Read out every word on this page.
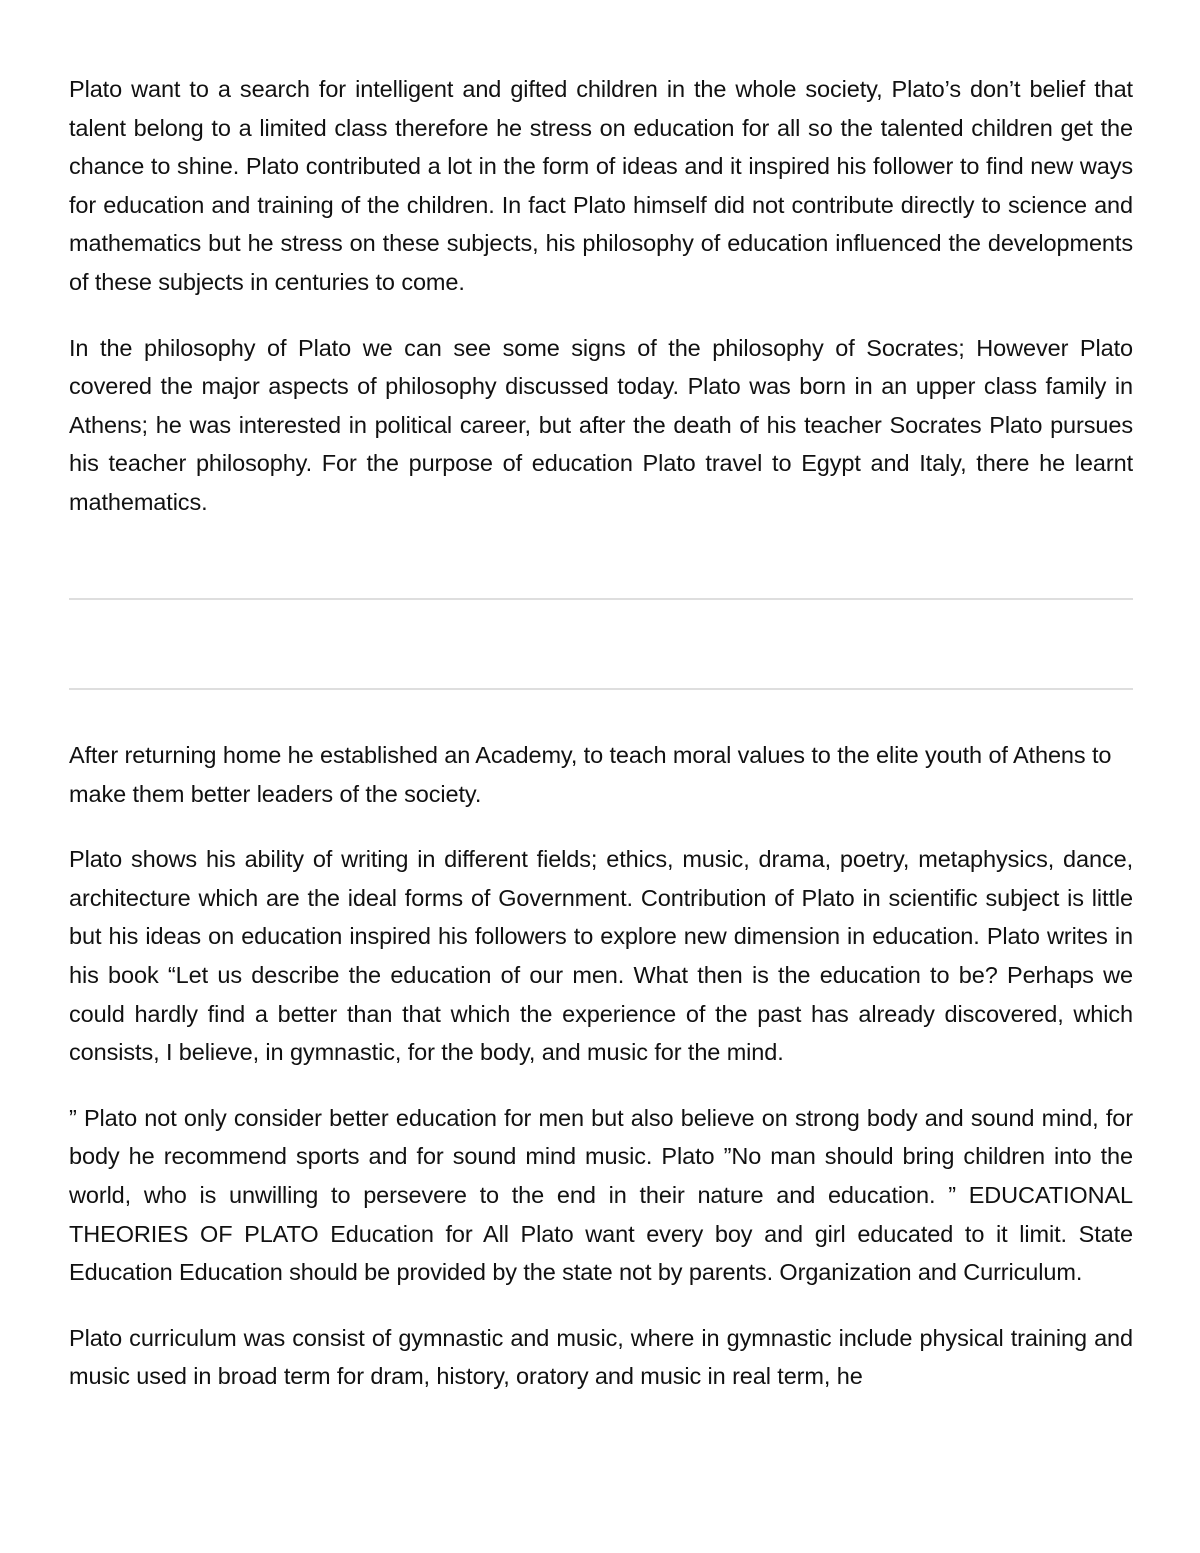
Plato want to a search for intelligent and gifted children in the whole society, Plato’s don’t belief that talent belong to a limited class therefore he stress on education for all so the talented children get the chance to shine. Plato contributed a lot in the form of ideas and it inspired his follower to find new ways for education and training of the children. In fact Plato himself did not contribute directly to science and mathematics but he stress on these subjects, his philosophy of education influenced the developments of these subjects in centuries to come.

In the philosophy of Plato we can see some signs of the philosophy of Socrates; However Plato covered the major aspects of philosophy discussed today. Plato was born in an upper class family in Athens; he was interested in political career, but after the death of his teacher Socrates Plato pursues his teacher philosophy. For the purpose of education Plato travel to Egypt and Italy, there he learnt mathematics.

After returning home he established an Academy, to teach moral values to the elite youth of Athens to make them better leaders of the society.

Plato shows his ability of writing in different fields; ethics, music, drama, poetry, metaphysics, dance, architecture which are the ideal forms of Government. Contribution of Plato in scientific subject is little but his ideas on education inspired his followers to explore new dimension in education. Plato writes in his book “Let us describe the education of our men. What then is the education to be? Perhaps we could hardly find a better than that which the experience of the past has already discovered, which consists, I believe, in gymnastic, for the body, and music for the mind.

” Plato not only consider better education for men but also believe on strong body and sound mind, for body he recommend sports and for sound mind music. Plato ”No man should bring children into the world, who is unwilling to persevere to the end in their nature and education. ” EDUCATIONAL THEORIES OF PLATO Education for All Plato want every boy and girl educated to it limit. State Education Education should be provided by the state not by parents. Organization and Curriculum.

Plato curriculum was consist of gymnastic and music, where in gymnastic include physical training and music used in broad term for dram, history, oratory and music in real term, he
